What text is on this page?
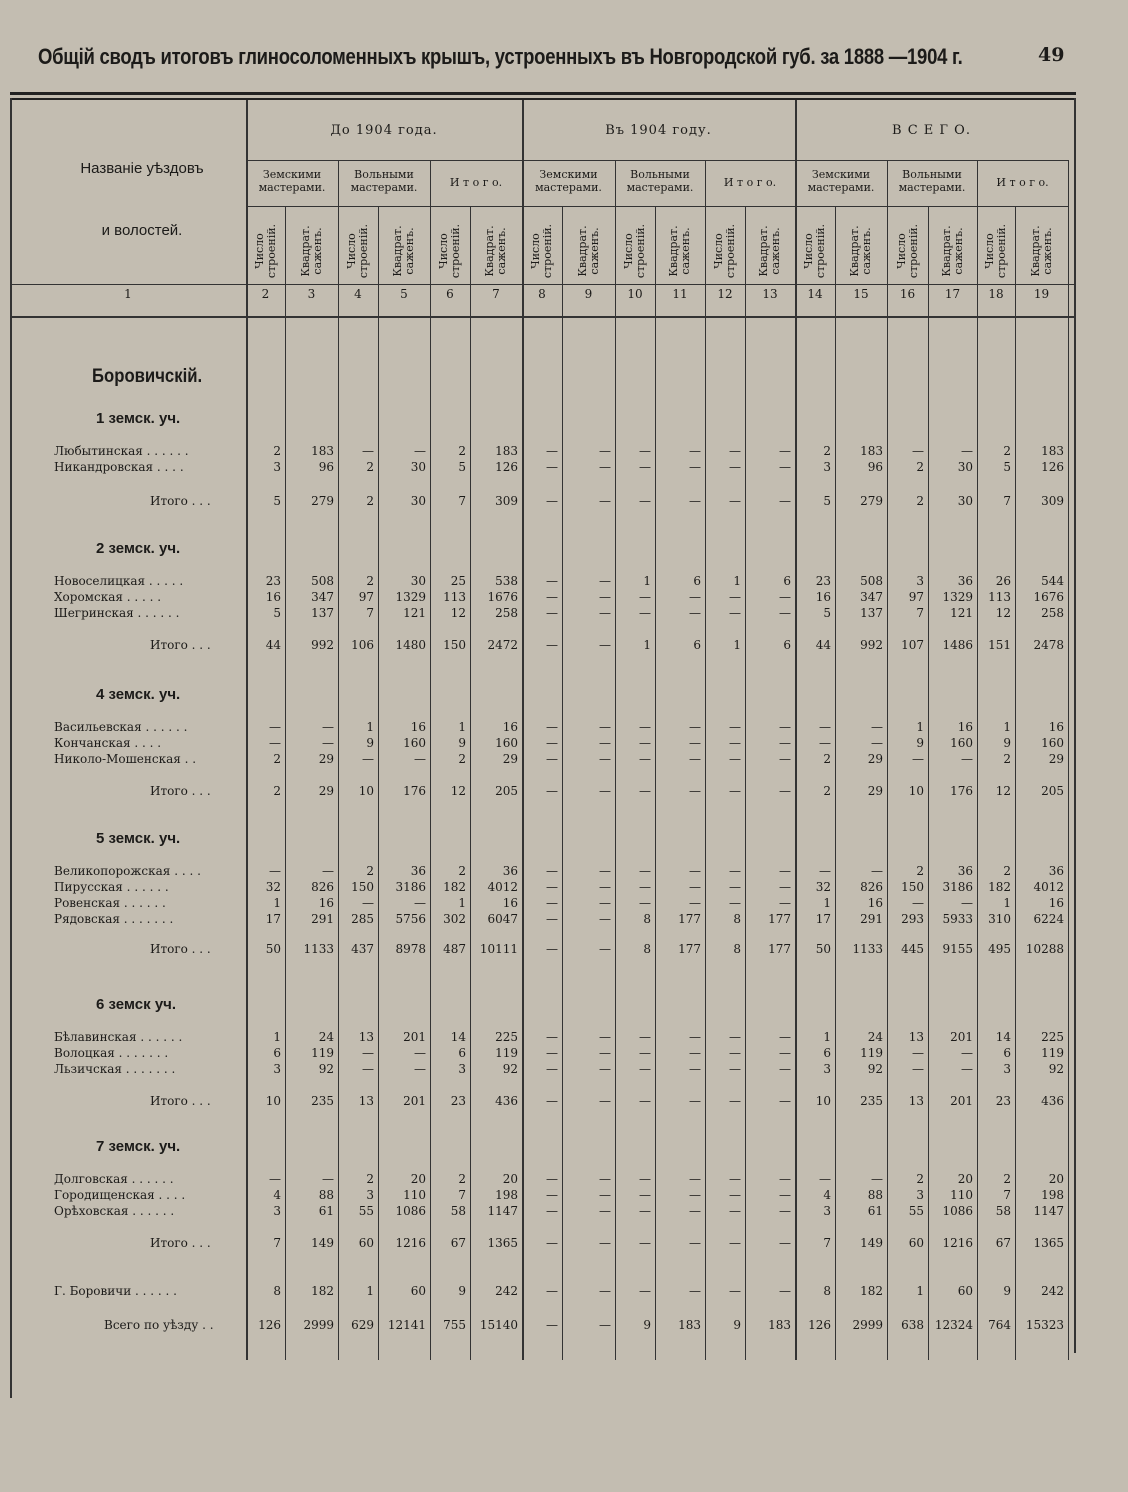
Общій сводъ итоговъ глиносоломенныхъ крышъ, устроенныхъ въ Новгородской губ. за 1888 —1904 г.	49
Названіе уѣздовъ
и волостей.
До 1904 года.
Земскими мастерами.
Число строеній. Квадрат. саженъ.
Вольными мастерами.
Число строеній. Квадрат. саженъ.
И т о г о.
Число строеній. Квадрат. саженъ.
Въ 1904 году.
Земскими мастерами.
Число строеній. Квадрат. саженъ.
Вольными мастерами.
Число строеній. Квадрат. саженъ.
И т о г о.
Число строеній. Квадрат. саженъ.
В С Е Г О.
Земскими мастерами.
Число строеній. Квадрат. саженъ.
Вольными мастерами.
Число строеній. Квадрат. саженъ.
И т о г о.
Число строеній. Квадрат. саженъ.
1	2	3	4	5	6	7	8	9	10	11	12	13	14	15	16	17	18	19
Боровичскій.
1 земск. уч.
Любытинская . . . . . .	2	183	—	—	2	183	—	—	—	—	—	—	2	183	—	—	2	183
Никандровская . . . .	3	96	2	30	5	126	—	—	—	—	—	—	3	96	2	30	5	126
Итого . . .	5	279	2	30	7	309	—	—	—	—	—	—	5	279	2	30	7	309
2 земск. уч.
Новоселицкая . . . . .	23	508	2	30	25	538	—	—	1	6	1	6	23	508	3	36	26	544
Хоромская . . . . .	16	347	97	1329	113	1676	—	—	—	—	—	—	16	347	97	1329	113	1676
Шегринская . . . . . .	5	137	7	121	12	258	—	—	—	—	—	—	5	137	7	121	12	258
Итого . . .	44	992	106	1480	150	2472	—	—	1	6	1	6	44	992	107	1486	151	2478
4 земск. уч.
Васильевская . . . . . .	—	—	1	16	1	16	—	—	—	—	—	—	—	—	1	16	1	16
Кончанская . . . .	—	—	9	160	9	160	—	—	—	—	—	—	—	—	9	160	9	160
Николо-Мошенская . .	2	29	—	—	2	29	—	—	—	—	—	—	2	29	—	—	2	29
Итого . . .	2	29	10	176	12	205	—	—	—	—	—	—	2	29	10	176	12	205
5 земск. уч.
Великопорожская . . . .	—	—	2	36	2	36	—	—	—	—	—	—	—	—	2	36	2	36
Пирусская . . . . . .	32	826	150	3186	182	4012	—	—	—	—	—	—	32	826	150	3186	182	4012
Ровенская . . . . . .	1	16	—	—	1	16	—	—	—	—	—	—	1	16	—	—	1	16
Рядовская . . . . . . .	17	291	285	5756	302	6047	—	—	8	177	8	177	17	291	293	5933	310	6224
Итого . . .	50	1133	437	8978	487	10111	—	—	8	177	8	177	50	1133	445	9155	495	10288
6 земск уч.
Бѣлавинская . . . . . .	1	24	13	201	14	225	—	—	—	—	—	—	1	24	13	201	14	225
Волоцкая . . . . . . .	6	119	—	—	6	119	—	—	—	—	—	—	6	119	—	—	6	119
Льзичская . . . . . . .	3	92	—	—	3	92	—	—	—	—	—	—	3	92	—	—	3	92
Итого . . .	10	235	13	201	23	436	—	—	—	—	—	—	10	235	13	201	23	436
7 земск. уч.
Долговская . . . . . .	—	—	2	20	2	20	—	—	—	—	—	—	—	—	2	20	2	20
Городищенская . . . .	4	88	3	110	7	198	—	—	—	—	—	—	4	88	3	110	7	198
Орѣховская . . . . . .	3	61	55	1086	58	1147	—	—	—	—	—	—	3	61	55	1086	58	1147
Итого . . .	7	149	60	1216	67	1365	—	—	—	—	—	—	7	149	60	1216	67	1365
Г. Боровичи . . . . . .	8	182	1	60	9	242	—	—	—	—	—	—	8	182	1	60	9	242
Всего по уѣзду . .	126	2999	629	12141	755	15140	—	—	9	183	9	183	126	2999	638 12324	764	15323
